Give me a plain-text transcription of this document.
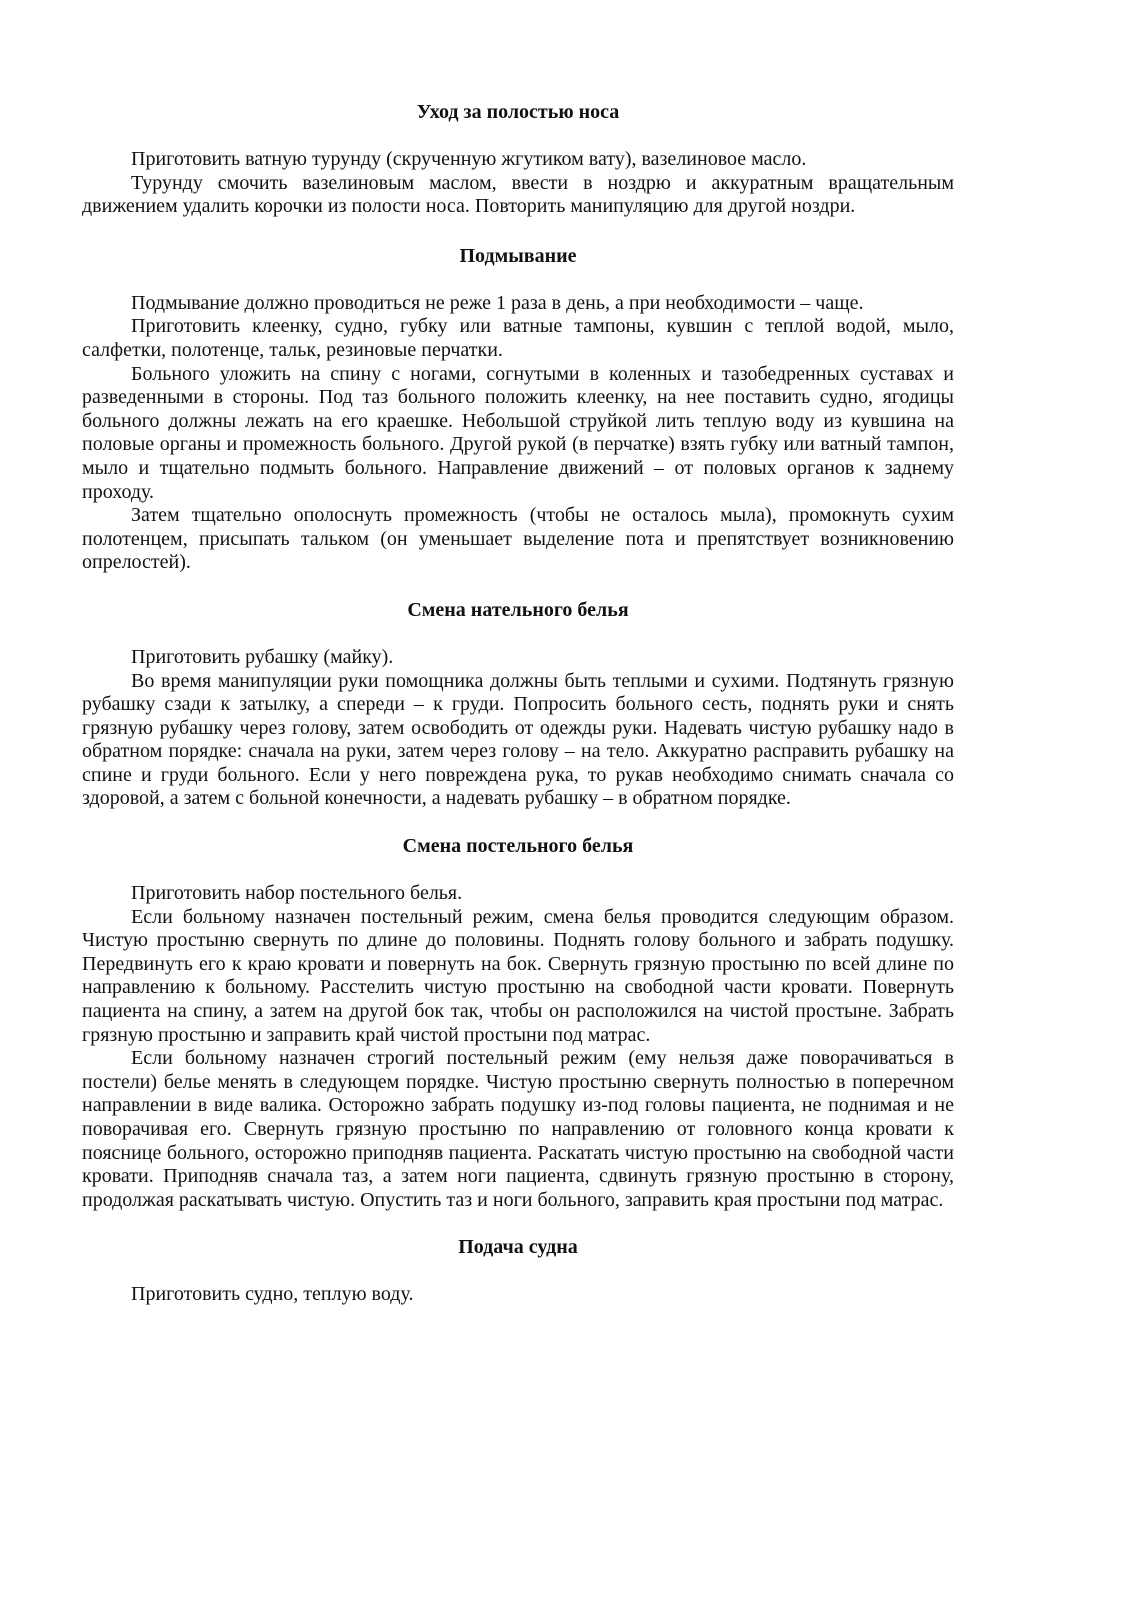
Уход за полостью носа

Приготовить ватную турунду (скрученную жгутиком вату), вазелиновое масло.

Турунду смочить вазелиновым маслом, ввести в ноздрю и аккуратным вращательным движением удалить корочки из полости носа. Повторить манипуляцию для другой ноздри.

Подмывание

Подмывание должно проводиться не реже 1 раза в день, а при необходимости – чаще.

Приготовить клеенку, судно, губку или ватные тампоны, кувшин с теплой водой, мыло, салфетки, полотенце, тальк, резиновые перчатки.

Больного уложить на спину с ногами, согнутыми в коленных и тазобедренных суставах и разведенными в стороны. Под таз больного положить клеенку, на нее поставить судно, ягодицы больного должны лежать на его краешке. Небольшой струйкой лить теплую воду из кувшина на половые органы и промежность больного. Другой рукой (в перчатке) взять губку или ватный тампон, мыло и тщательно подмыть больного. Направление движений – от половых органов к заднему проходу.

Затем тщательно ополоснуть промежность (чтобы не осталось мыла), промокнуть сухим полотенцем, присыпать тальком (он уменьшает выделение пота и препятствует возникновению опрелостей).

Смена нательного белья

Приготовить рубашку (майку).

Во время манипуляции руки помощника должны быть теплыми и сухими. Подтянуть грязную рубашку сзади к затылку, а спереди – к груди. Попросить больного сесть, поднять руки и снять грязную рубашку через голову, затем освободить от одежды руки. Надевать чистую рубашку надо в обратном порядке: сначала на руки, затем через голову – на тело. Аккуратно расправить рубашку на спине и груди больного. Если у него повреждена рука, то рукав необходимо снимать сначала со здоровой, а затем с больной конечности, а надевать рубашку – в обратном порядке.

Смена постельного белья

Приготовить набор постельного белья.

Если больному назначен постельный режим, смена белья проводится следующим образом. Чистую простыню свернуть по длине до половины. Поднять голову больного и забрать подушку. Передвинуть его к краю кровати и повернуть на бок. Свернуть грязную простыню по всей длине по направлению к больному. Расстелить чистую простыню на свободной части кровати. Повернуть пациента на спину, а затем на другой бок так, чтобы он расположился на чистой простыне. Забрать грязную простыню и заправить край чистой простыни под матрас.

Если больному назначен строгий постельный режим (ему нельзя даже поворачиваться в постели) белье менять в следующем порядке. Чистую простыню свернуть полностью в поперечном направлении в виде валика. Осторожно забрать подушку из-под головы пациента, не поднимая и не поворачивая его. Свернуть грязную простыню по направлению от головного конца кровати к пояснице больного, осторожно приподняв пациента. Раскатать чистую простыню на свободной части кровати. Приподняв сначала таз, а затем ноги пациента, сдвинуть грязную простыню в сторону, продолжая раскатывать чистую. Опустить таз и ноги больного, заправить края простыни под матрас.

Подача судна

Приготовить судно, теплую воду.
